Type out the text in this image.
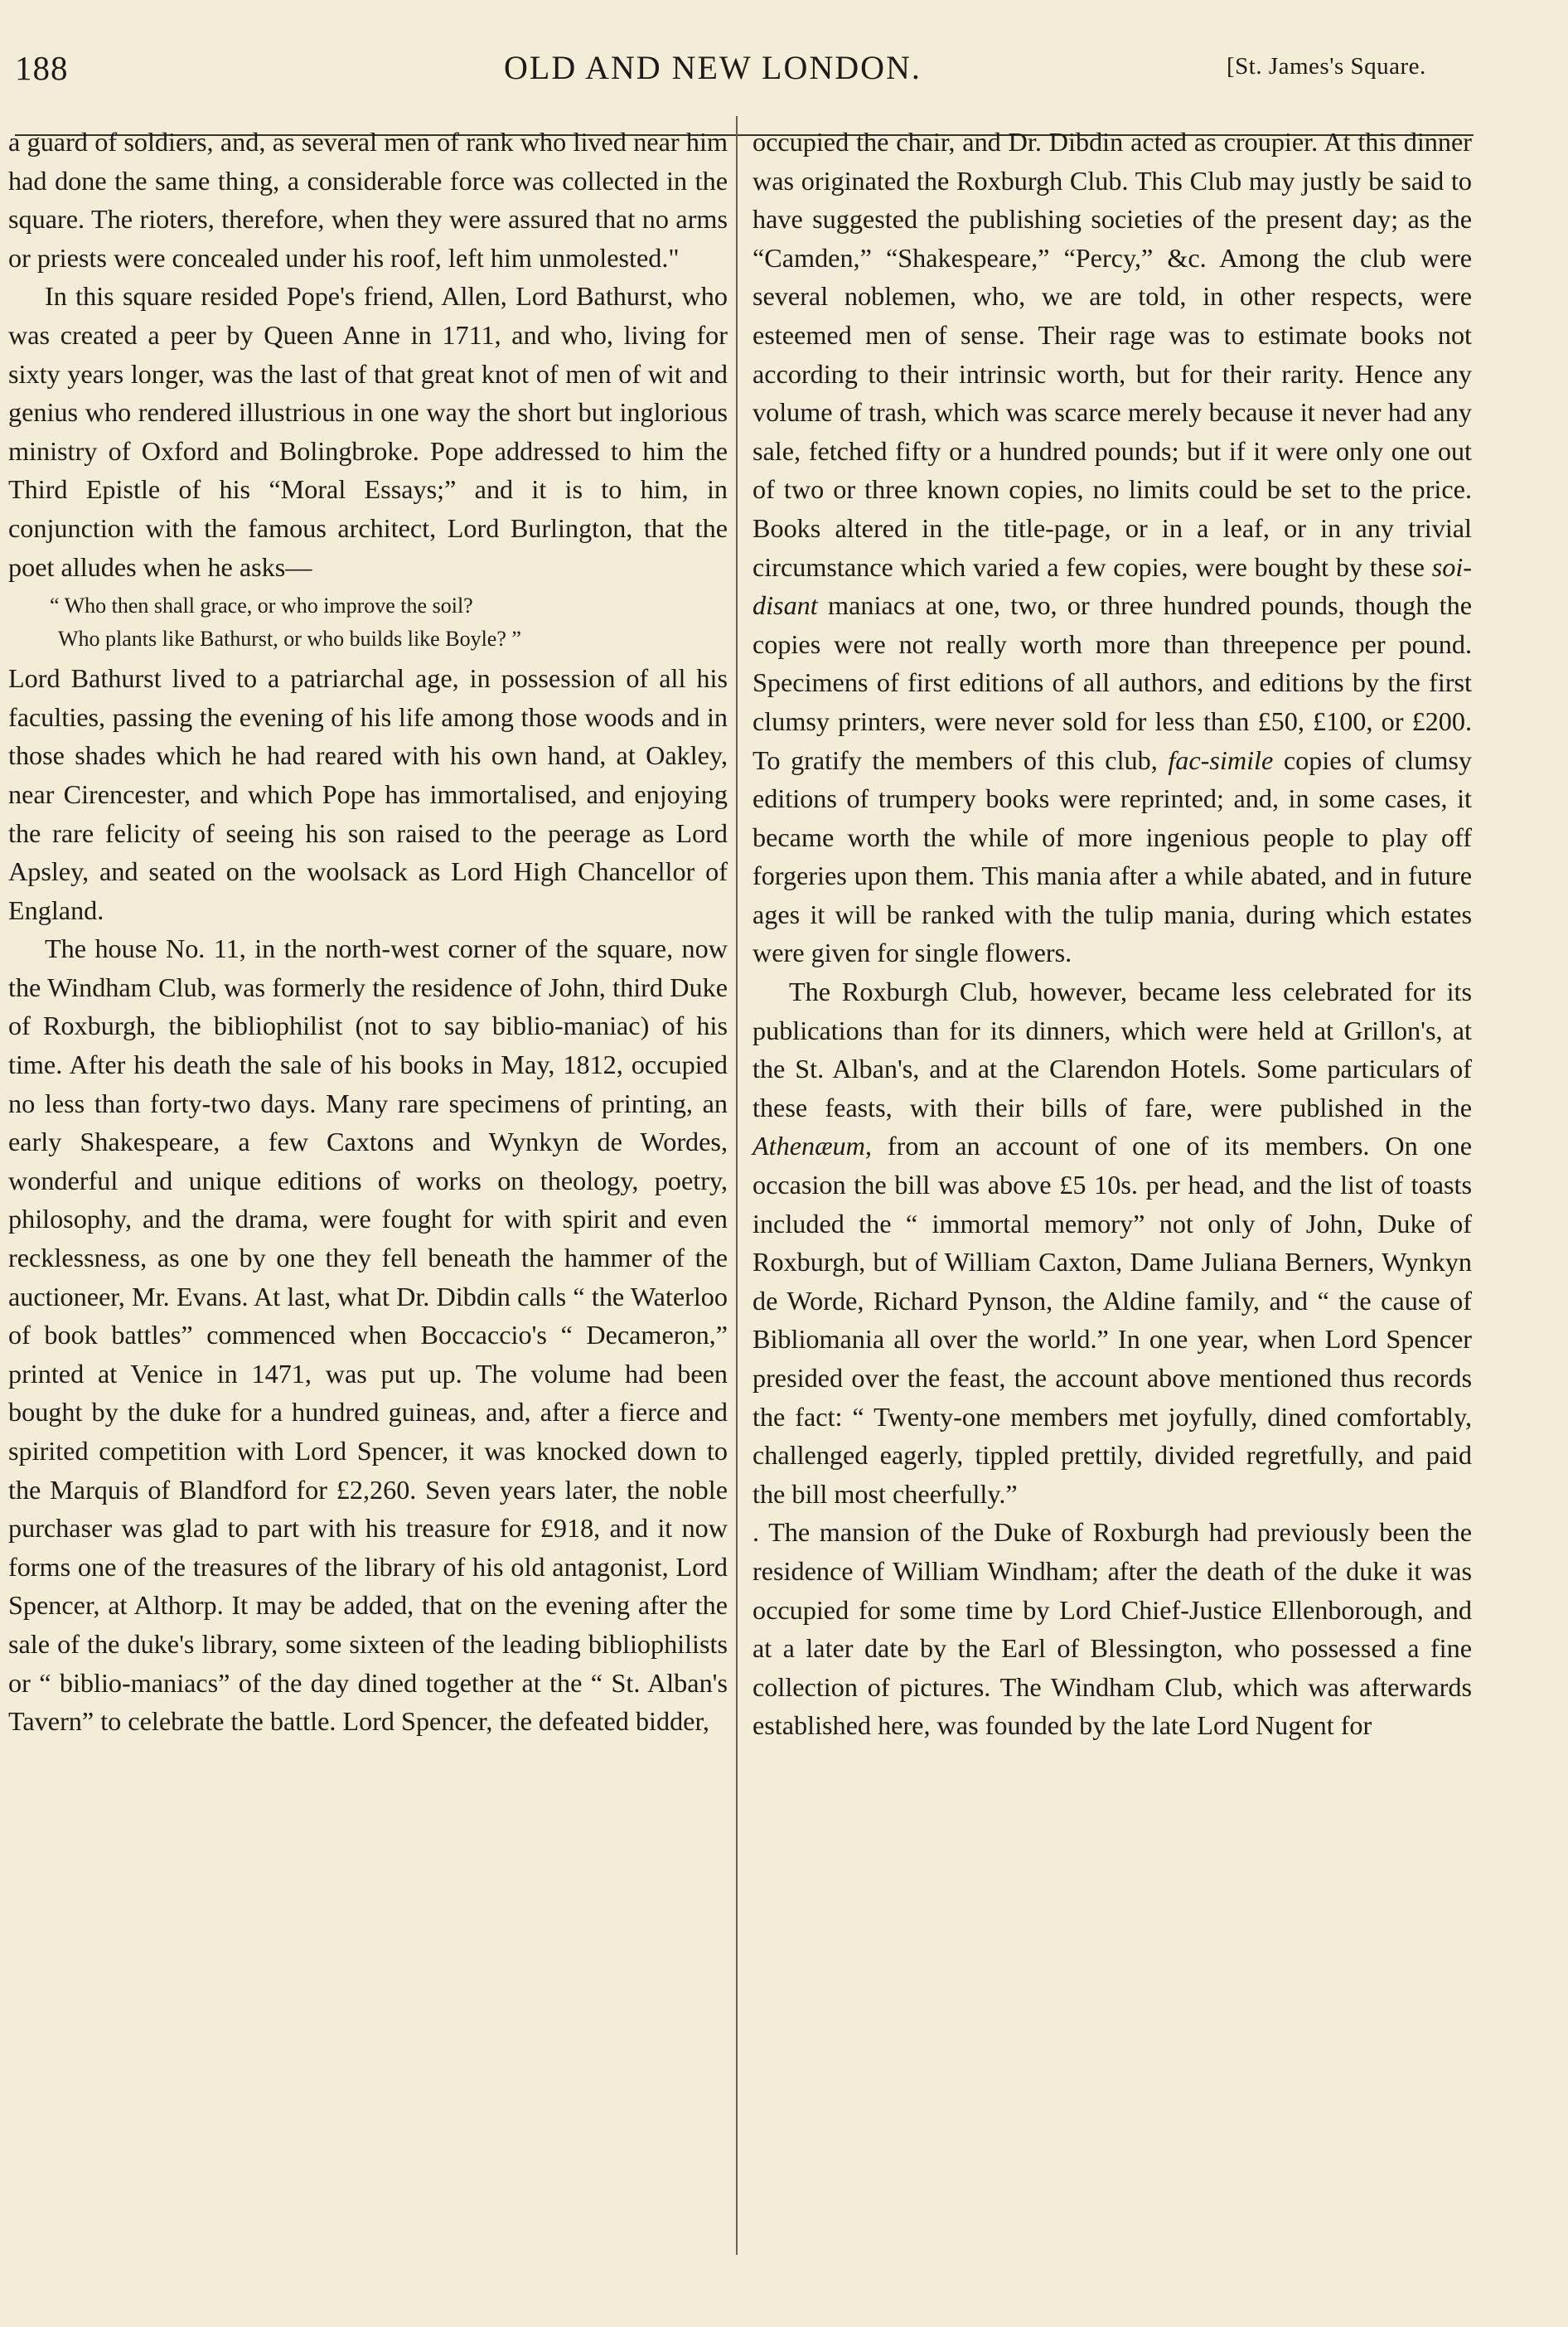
188	OLD AND NEW LONDON.	[St. James's Square.

a guard of soldiers, and, as several men of rank who lived near him had done the same thing, a considerable force was collected in the square. The rioters, therefore, when they were assured that no arms or priests were concealed under his roof, left him unmolested."

In this square resided Pope's friend, Allen, Lord Bathurst, who was created a peer by Queen Anne in 1711, and who, living for sixty years longer, was the last of that great knot of men of wit and genius who rendered illustrious in one way the short but inglorious ministry of Oxford and Bolingbroke. Pope addressed to him the Third Epistle of his “Moral Essays;” and it is to him, in conjunction with the famous architect, Lord Burlington, that the poet alludes when he asks—

“ Who then shall grace, or who improve the soil?
Who plants like Bathurst, or who builds like Boyle? ”

Lord Bathurst lived to a patriarchal age, in possession of all his faculties, passing the evening of his life among those woods and in those shades which he had reared with his own hand, at Oakley, near Cirencester, and which Pope has immortalised, and enjoying the rare felicity of seeing his son raised to the peerage as Lord Apsley, and seated on the woolsack as Lord High Chancellor of England.

The house No. 11, in the north-west corner of the square, now the Windham Club, was formerly the residence of John, third Duke of Roxburgh, the bibliophilist (not to say biblio-maniac) of his time. After his death the sale of his books in May, 1812, occupied no less than forty-two days. Many rare specimens of printing, an early Shakespeare, a few Caxtons and Wynkyn de Wordes, wonderful and unique editions of works on theology, poetry, philosophy, and the drama, were fought for with spirit and even recklessness, as one by one they fell beneath the hammer of the auctioneer, Mr. Evans. At last, what Dr. Dibdin calls “ the Waterloo of book battles” commenced when Boccaccio's “ Decameron,” printed at Venice in 1471, was put up. The volume had been bought by the duke for a hundred guineas, and, after a fierce and spirited competition with Lord Spencer, it was knocked down to the Marquis of Blandford for £2,260. Seven years later, the noble purchaser was glad to part with his treasure for £918, and it now forms one of the treasures of the library of his old antagonist, Lord Spencer, at Althorp. It may be added, that on the evening after the sale of the duke's library, some sixteen of the leading bibliophilists or “ biblio-maniacs” of the day dined together at the “ St. Alban's Tavern” to celebrate the battle. Lord Spencer, the defeated bidder,

occupied the chair, and Dr. Dibdin acted as croupier. At this dinner was originated the Roxburgh Club. This Club may justly be said to have suggested the publishing societies of the present day; as the “Camden,” “Shakespeare,” “Percy,” &c. Among the club were several noblemen, who, we are told, in other respects, were esteemed men of sense. Their rage was to estimate books not according to their intrinsic worth, but for their rarity. Hence any volume of trash, which was scarce merely because it never had any sale, fetched fifty or a hundred pounds; but if it were only one out of two or three known copies, no limits could be set to the price. Books altered in the title-page, or in a leaf, or in any trivial circumstance which varied a few copies, were bought by these soi-disant maniacs at one, two, or three hundred pounds, though the copies were not really worth more than threepence per pound. Specimens of first editions of all authors, and editions by the first clumsy printers, were never sold for less than £50, £100, or £200. To gratify the members of this club, fac-simile copies of clumsy editions of trumpery books were reprinted; and, in some cases, it became worth the while of more ingenious people to play off forgeries upon them. This mania after a while abated, and in future ages it will be ranked with the tulip mania, during which estates were given for single flowers.

The Roxburgh Club, however, became less celebrated for its publications than for its dinners, which were held at Grillon's, at the St. Alban's, and at the Clarendon Hotels. Some particulars of these feasts, with their bills of fare, were published in the Athenæum, from an account of one of its members. On one occasion the bill was above £5 10s. per head, and the list of toasts included the “ immortal memory” not only of John, Duke of Roxburgh, but of William Caxton, Dame Juliana Berners, Wynkyn de Worde, Richard Pynson, the Aldine family, and “ the cause of Bibliomania all over the world.” In one year, when Lord Spencer presided over the feast, the account above mentioned thus records the fact: “ Twenty-one members met joyfully, dined comfortably, challenged eagerly, tippled prettily, divided regretfully, and paid the bill most cheerfully.”

. The mansion of the Duke of Roxburgh had previously been the residence of William Windham; after the death of the duke it was occupied for some time by Lord Chief-Justice Ellenborough, and at a later date by the Earl of Blessington, who possessed a fine collection of pictures. The Windham Club, which was afterwards established here, was founded by the late Lord Nugent for
